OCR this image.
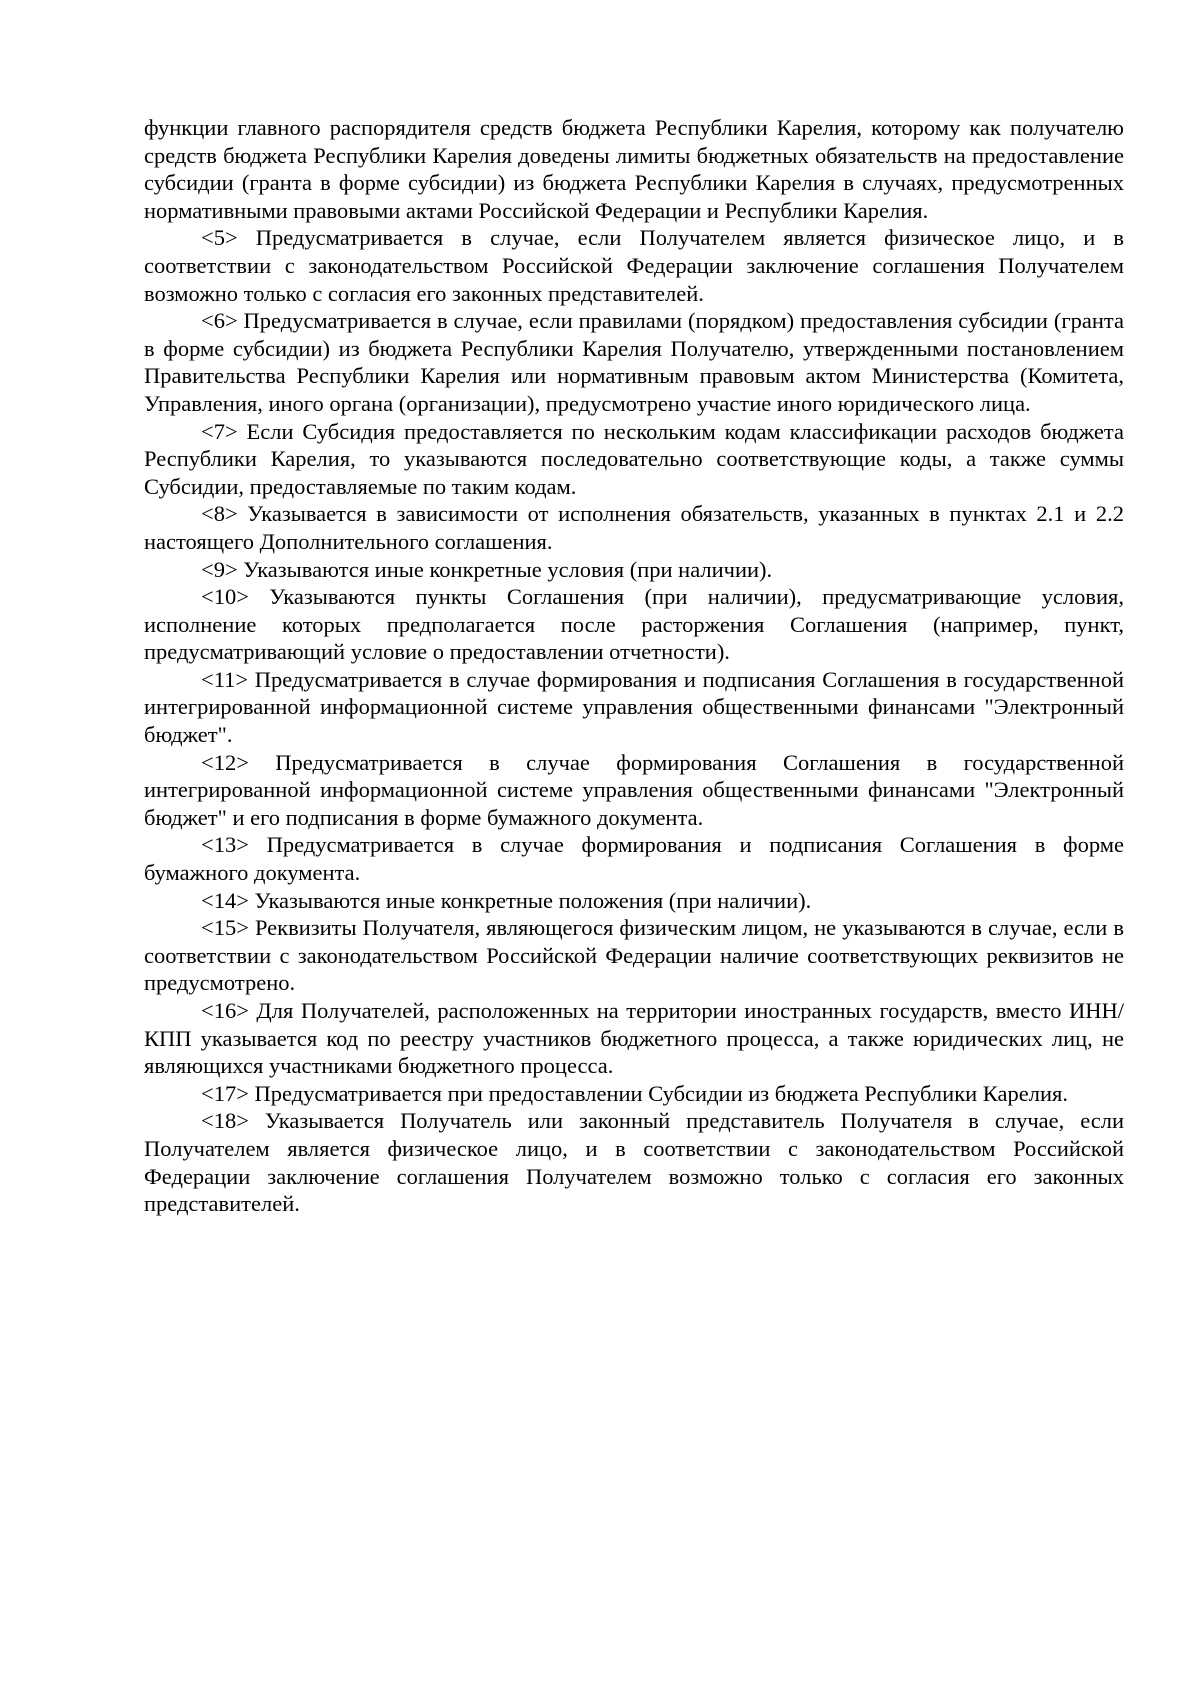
функции главного распорядителя средств бюджета Республики Карелия, которому как получателю средств бюджета Республики Карелия доведены лимиты бюджетных обязательств на предоставление субсидии (гранта в форме субсидии) из бюджета Республики Карелия в случаях, предусмотренных нормативными правовыми актами Российской Федерации и Республики Карелия.

<5> Предусматривается в случае, если Получателем является физическое лицо, и в соответствии с законодательством Российской Федерации заключение соглашения Получателем возможно только с согласия его законных представителей.

<6> Предусматривается в случае, если правилами (порядком) предоставления субсидии (гранта в форме субсидии) из бюджета Республики Карелия Получателю, утвержденными постановлением Правительства Республики Карелия или нормативным правовым актом Министерства (Комитета, Управления, иного органа (организации), предусмотрено участие иного юридического лица.

<7> Если Субсидия предоставляется по нескольким кодам классификации расходов бюджета Республики Карелия, то указываются последовательно соответствующие коды, а также суммы Субсидии, предоставляемые по таким кодам.

<8> Указывается в зависимости от исполнения обязательств, указанных в пунктах 2.1 и 2.2 настоящего Дополнительного соглашения.

<9> Указываются иные конкретные условия (при наличии).

<10> Указываются пункты Соглашения (при наличии), предусматривающие условия, исполнение которых предполагается после расторжения Соглашения (например, пункт, предусматривающий условие о предоставлении отчетности).

<11> Предусматривается в случае формирования и подписания Соглашения в государственной интегрированной информационной системе управления общественными финансами "Электронный бюджет".

<12> Предусматривается в случае формирования Соглашения в государственной интегрированной информационной системе управления общественными финансами "Электронный бюджет" и его подписания в форме бумажного документа.

<13> Предусматривается в случае формирования и подписания Соглашения в форме бумажного документа.

<14> Указываются иные конкретные положения (при наличии).

<15> Реквизиты Получателя, являющегося физическим лицом, не указываются в случае, если в соответствии с законодательством Российской Федерации наличие соответствующих реквизитов не предусмотрено.

<16> Для Получателей, расположенных на территории иностранных государств, вместо ИНН/КПП указывается код по реестру участников бюджетного процесса, а также юридических лиц, не являющихся участниками бюджетного процесса.

<17> Предусматривается при предоставлении Субсидии из бюджета Республики Карелия.

<18> Указывается Получатель или законный представитель Получателя в случае, если Получателем является физическое лицо, и в соответствии с законодательством Российской Федерации заключение соглашения Получателем возможно только с согласия его законных представителей.
